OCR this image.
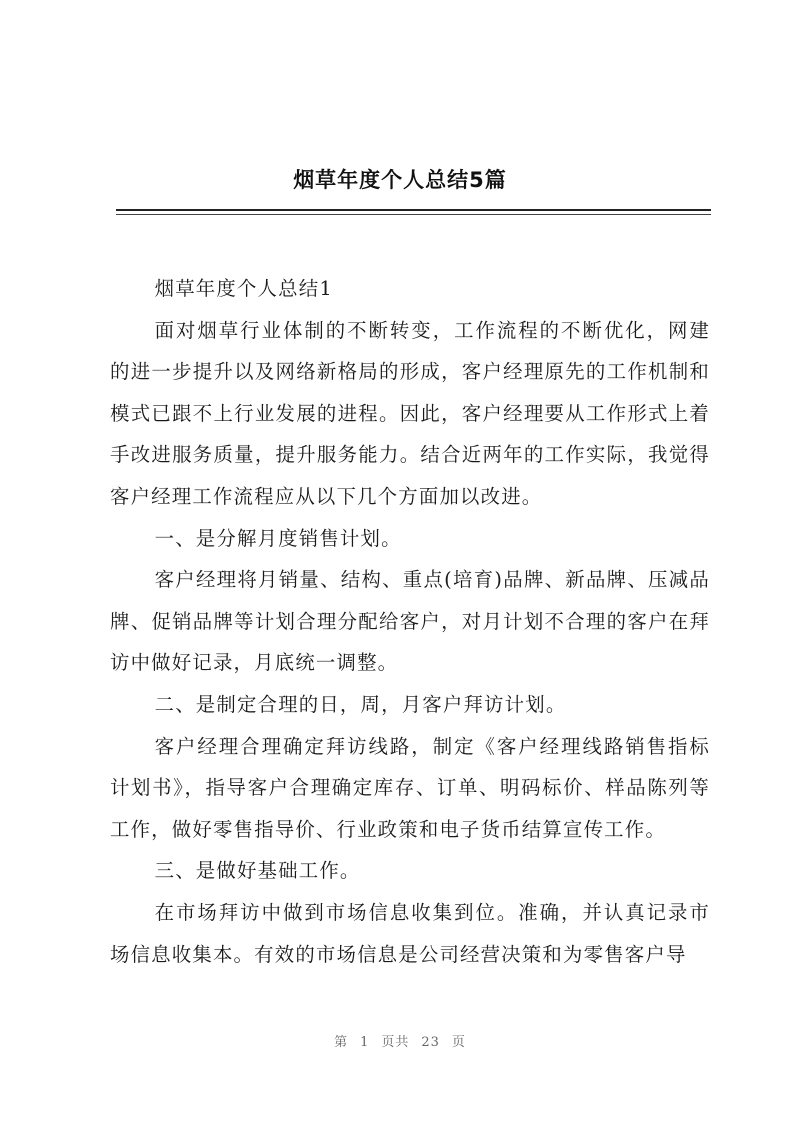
烟草年度个人总结5篇

烟草年度个人总结1

面对烟草行业体制的不断转变，工作流程的不断优化，网建的进一步提升以及网络新格局的形成，客户经理原先的工作机制和模式已跟不上行业发展的进程。因此，客户经理要从工作形式上着手改进服务质量，提升服务能力。结合近两年的工作实际，我觉得客户经理工作流程应从以下几个方面加以改进。

一、是分解月度销售计划。

客户经理将月销量、结构、重点(培育)品牌、新品牌、压减品牌、促销品牌等计划合理分配给客户，对月计划不合理的客户在拜访中做好记录，月底统一调整。

二、是制定合理的日，周，月客户拜访计划。

客户经理合理确定拜访线路，制定《客户经理线路销售指标计划书》，指导客户合理确定库存、订单、明码标价、样品陈列等工作，做好零售指导价、行业政策和电子货币结算宣传工作。

三、是做好基础工作。

在市场拜访中做到市场信息收集到位。准确，并认真记录市场信息收集本。有效的市场信息是公司经营决策和为零售客户导

第 1 页共 23 页
